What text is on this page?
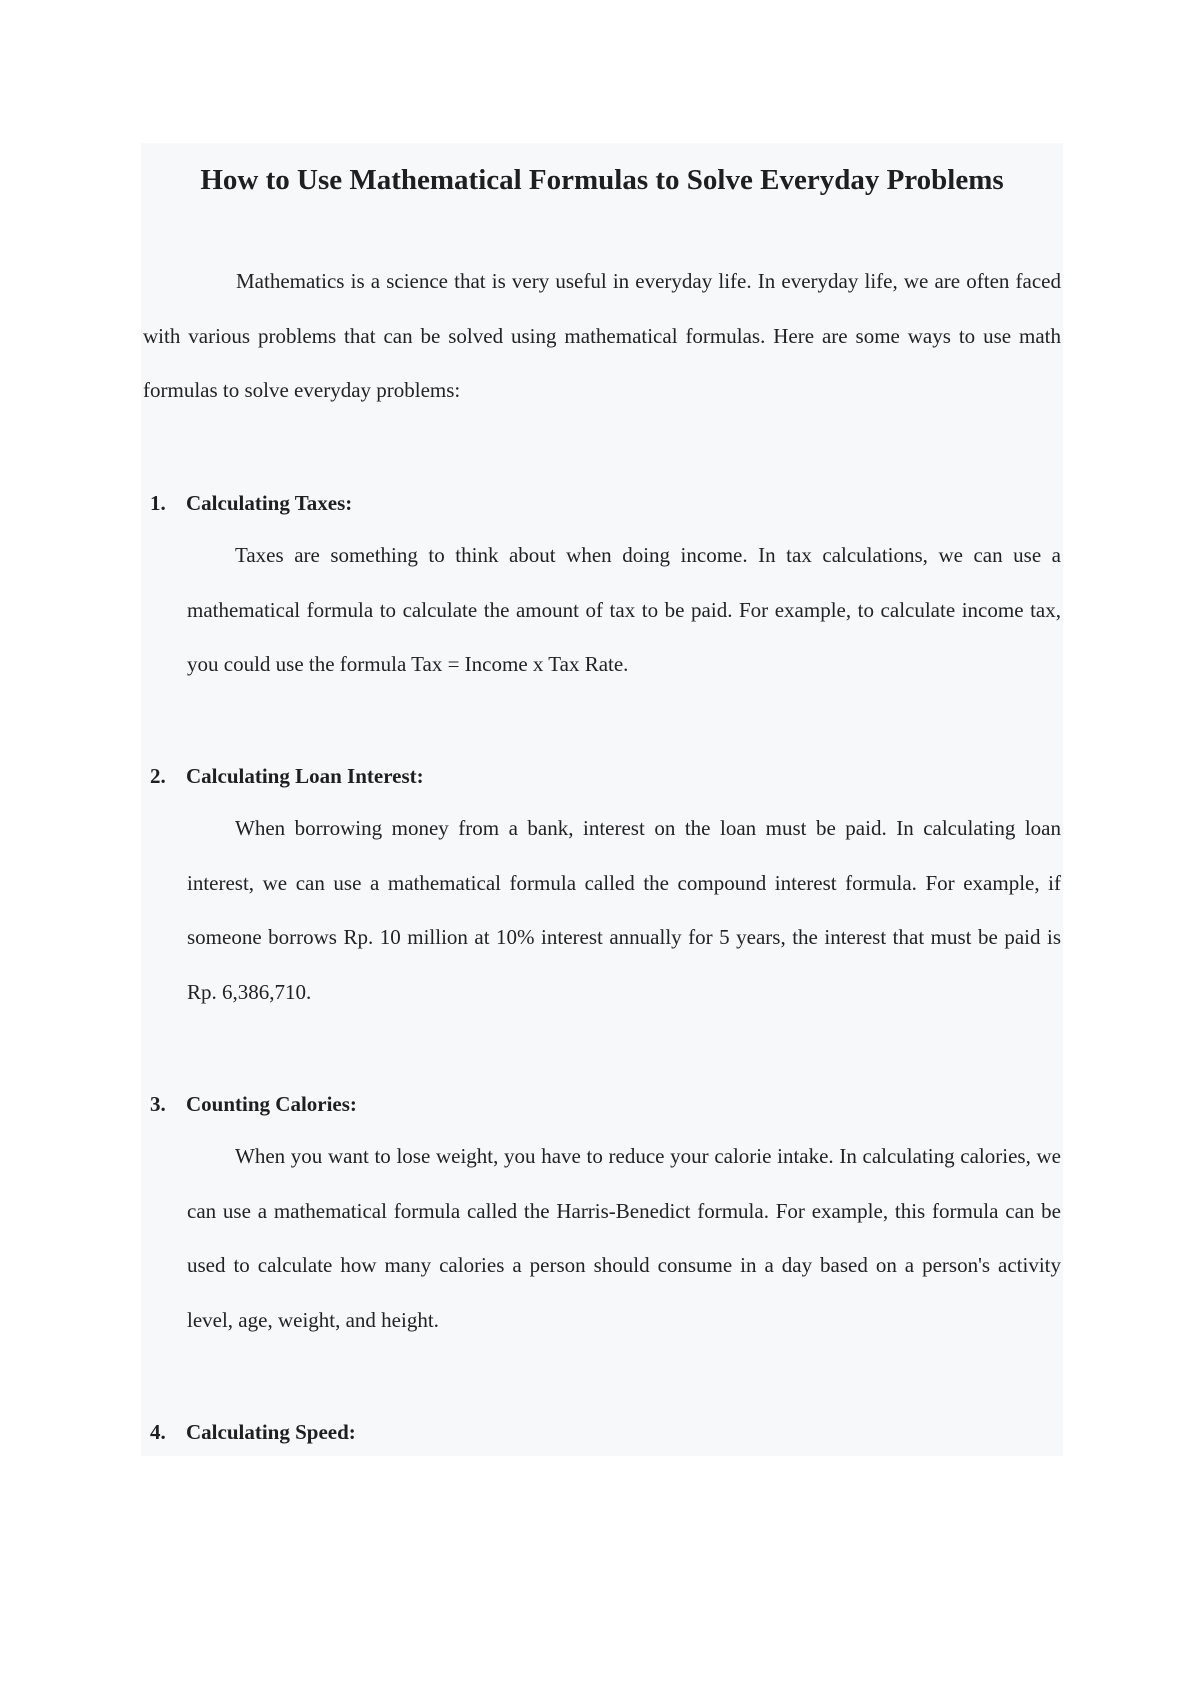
How to Use Mathematical Formulas to Solve Everyday Problems

Mathematics is a science that is very useful in everyday life. In everyday life, we are often faced with various problems that can be solved using mathematical formulas. Here are some ways to use math formulas to solve everyday problems:

1. Calculating Taxes:

Taxes are something to think about when doing income. In tax calculations, we can use a mathematical formula to calculate the amount of tax to be paid. For example, to calculate income tax, you could use the formula Tax = Income x Tax Rate.

2. Calculating Loan Interest:

When borrowing money from a bank, interest on the loan must be paid. In calculating loan interest, we can use a mathematical formula called the compound interest formula. For example, if someone borrows Rp. 10 million at 10% interest annually for 5 years, the interest that must be paid is Rp. 6,386,710.

3. Counting Calories:

When you want to lose weight, you have to reduce your calorie intake. In calculating calories, we can use a mathematical formula called the Harris-Benedict formula. For example, this formula can be used to calculate how many calories a person should consume in a day based on a person's activity level, age, weight, and height.

4. Calculating Speed:
